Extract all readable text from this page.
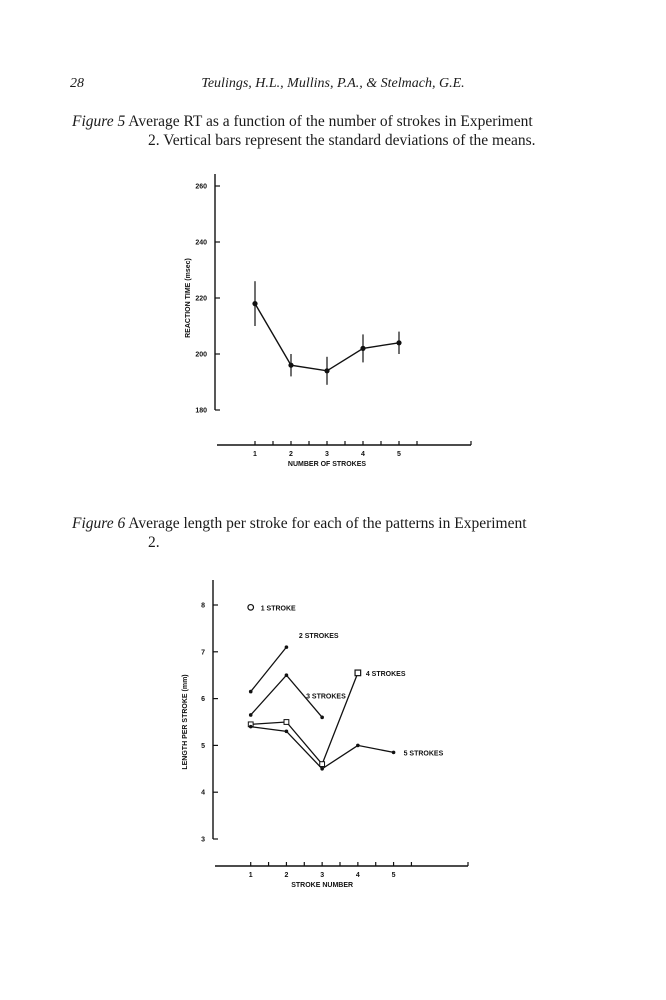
28	Teulings, H.L., Mullins, P.A., & Stelmach, G.E.
Figure 5 Average RT as a function of the number of strokes in Experiment
2. Vertical bars represent the standard deviations of the means.
180
200
220
240
260
REACTION TIME (msec)
1	2	3	4	5
NUMBER OF STROKES
Figure 6 Average length per stroke for each of the patterns in Experiment
2.
3
4
5
6
7
8
LENGTH PER STROKE (mm)
1	2	3	4	5
STROKE NUMBER
1 STROKE
2 STROKES
3 STROKES
4 STROKES
5 STROKES
